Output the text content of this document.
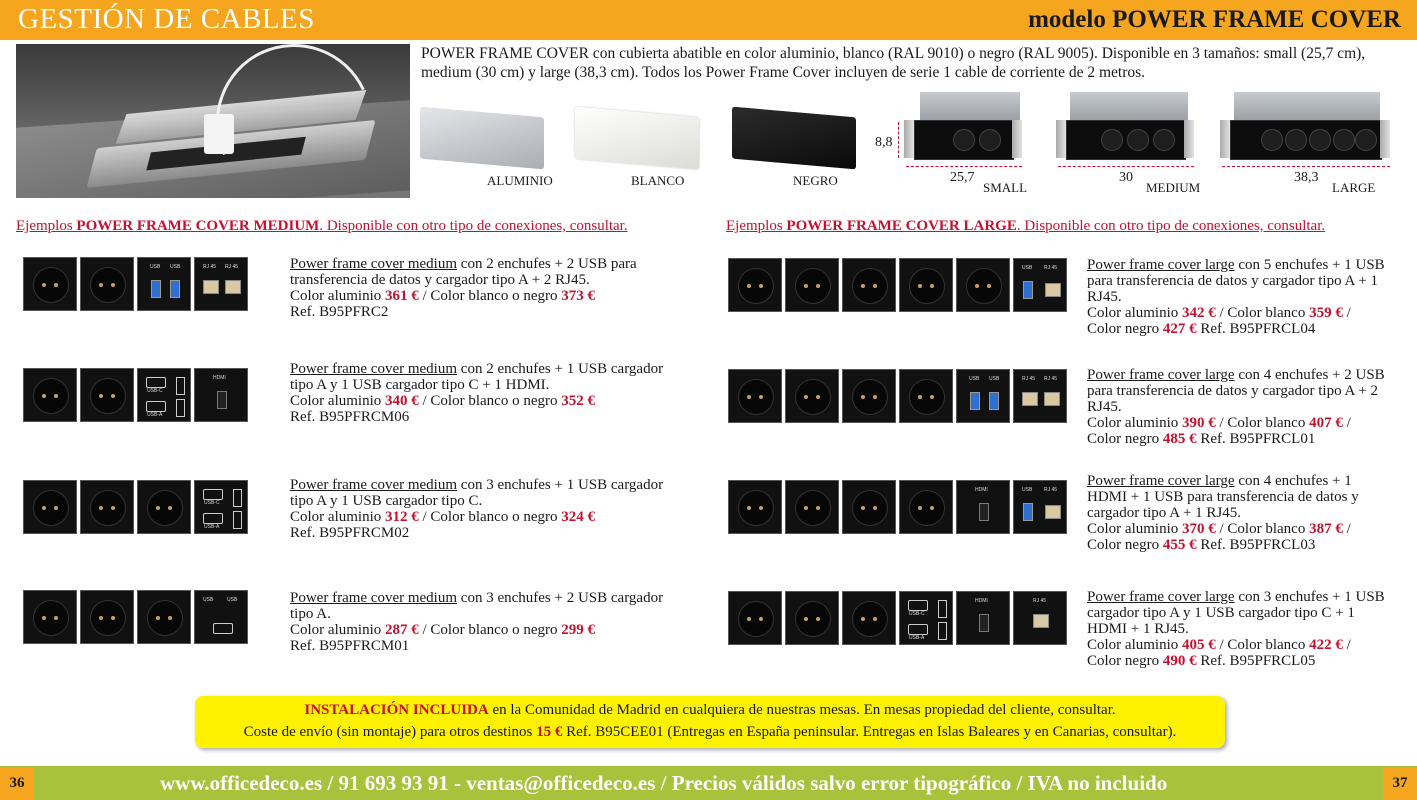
GESTIÓN DE CABLES	modelo POWER FRAME COVER
POWER FRAME COVER con cubierta abatible en color aluminio, blanco (RAL 9010) o negro (RAL 9005). Disponible en 3 tamaños: small (25,7 cm), medium (30 cm) y large (38,3 cm). Todos los Power Frame Cover incluyen de serie 1 cable de corriente de 2 metros.
ALUMINIO	BLANCO	NEGRO
8,8
25,7
SMALL
30
MEDIUM
38,3
LARGE
Ejemplos POWER FRAME COVER MEDIUM. Disponible con otro tipo de conexiones, consultar.	Ejemplos POWER FRAME COVER LARGE. Disponible con otro tipo de conexiones, consultar.
USB USB	RJ 45 RJ 45
USB-C
USB-A
HDMI
USB-C
USB-A
USB	USB
USB RJ 45
USB USB	RJ 45 RJ 45
HDMI	USB RJ 45
USB-C
USB-A
HDMI	RJ 45
Power frame cover medium con 2 enchufes + 2 USB para transferencia de datos y cargador tipo A + 2 RJ45.
Color aluminio 361 € / Color blanco o negro 373 €
Ref. B95PFRC2
Power frame cover medium con 2 enchufes + 1 USB cargador tipo A y 1 USB cargador tipo C + 1 HDMI.
Color aluminio 340 € / Color blanco o negro 352 €
Ref. B95PFRCM06
Power frame cover medium con 3 enchufes + 1 USB cargador tipo A y 1 USB cargador tipo C.
Color aluminio 312 € / Color blanco o negro 324 €
Ref. B95PFRCM02
Power frame cover medium con 3 enchufes + 2 USB cargador tipo A.
Color aluminio 287 € / Color blanco o negro 299 €
Ref. B95PFRCM01
Power frame cover large con 5 enchufes + 1 USB para transferencia de datos y cargador tipo A + 1 RJ45.
Color aluminio 342 € / Color blanco 359 € /
Color negro 427 € Ref. B95PFRCL04
Power frame cover large con 4 enchufes + 2 USB para transferencia de datos y cargador tipo A + 2 RJ45.
Color aluminio 390 € / Color blanco 407 € /
Color negro 485 € Ref. B95PFRCL01
Power frame cover large con 4 enchufes + 1 HDMI + 1 USB para transferencia de datos y cargador tipo A + 1 RJ45.
Color aluminio 370 € / Color blanco 387 € /
Color negro 455 € Ref. B95PFRCL03
Power frame cover large con 3 enchufes + 1 USB cargador tipo A y 1 USB cargador tipo C + 1 HDMI + 1 RJ45.
Color aluminio 405 € / Color blanco 422 € /
Color negro 490 € Ref. B95PFRCL05
INSTALACIÓN INCLUIDA en la Comunidad de Madrid en cualquiera de nuestras mesas. En mesas propiedad del cliente, consultar.
Coste de envío (sin montaje) para otros destinos 15 € Ref. B95CEE01 (Entregas en España peninsular. Entregas en Islas Baleares y en Canarias, consultar).
www.officedeco.es / 91 693 93 91 - ventas@officedeco.es / Precios válidos salvo error tipográfico / IVA no incluido
36	37
